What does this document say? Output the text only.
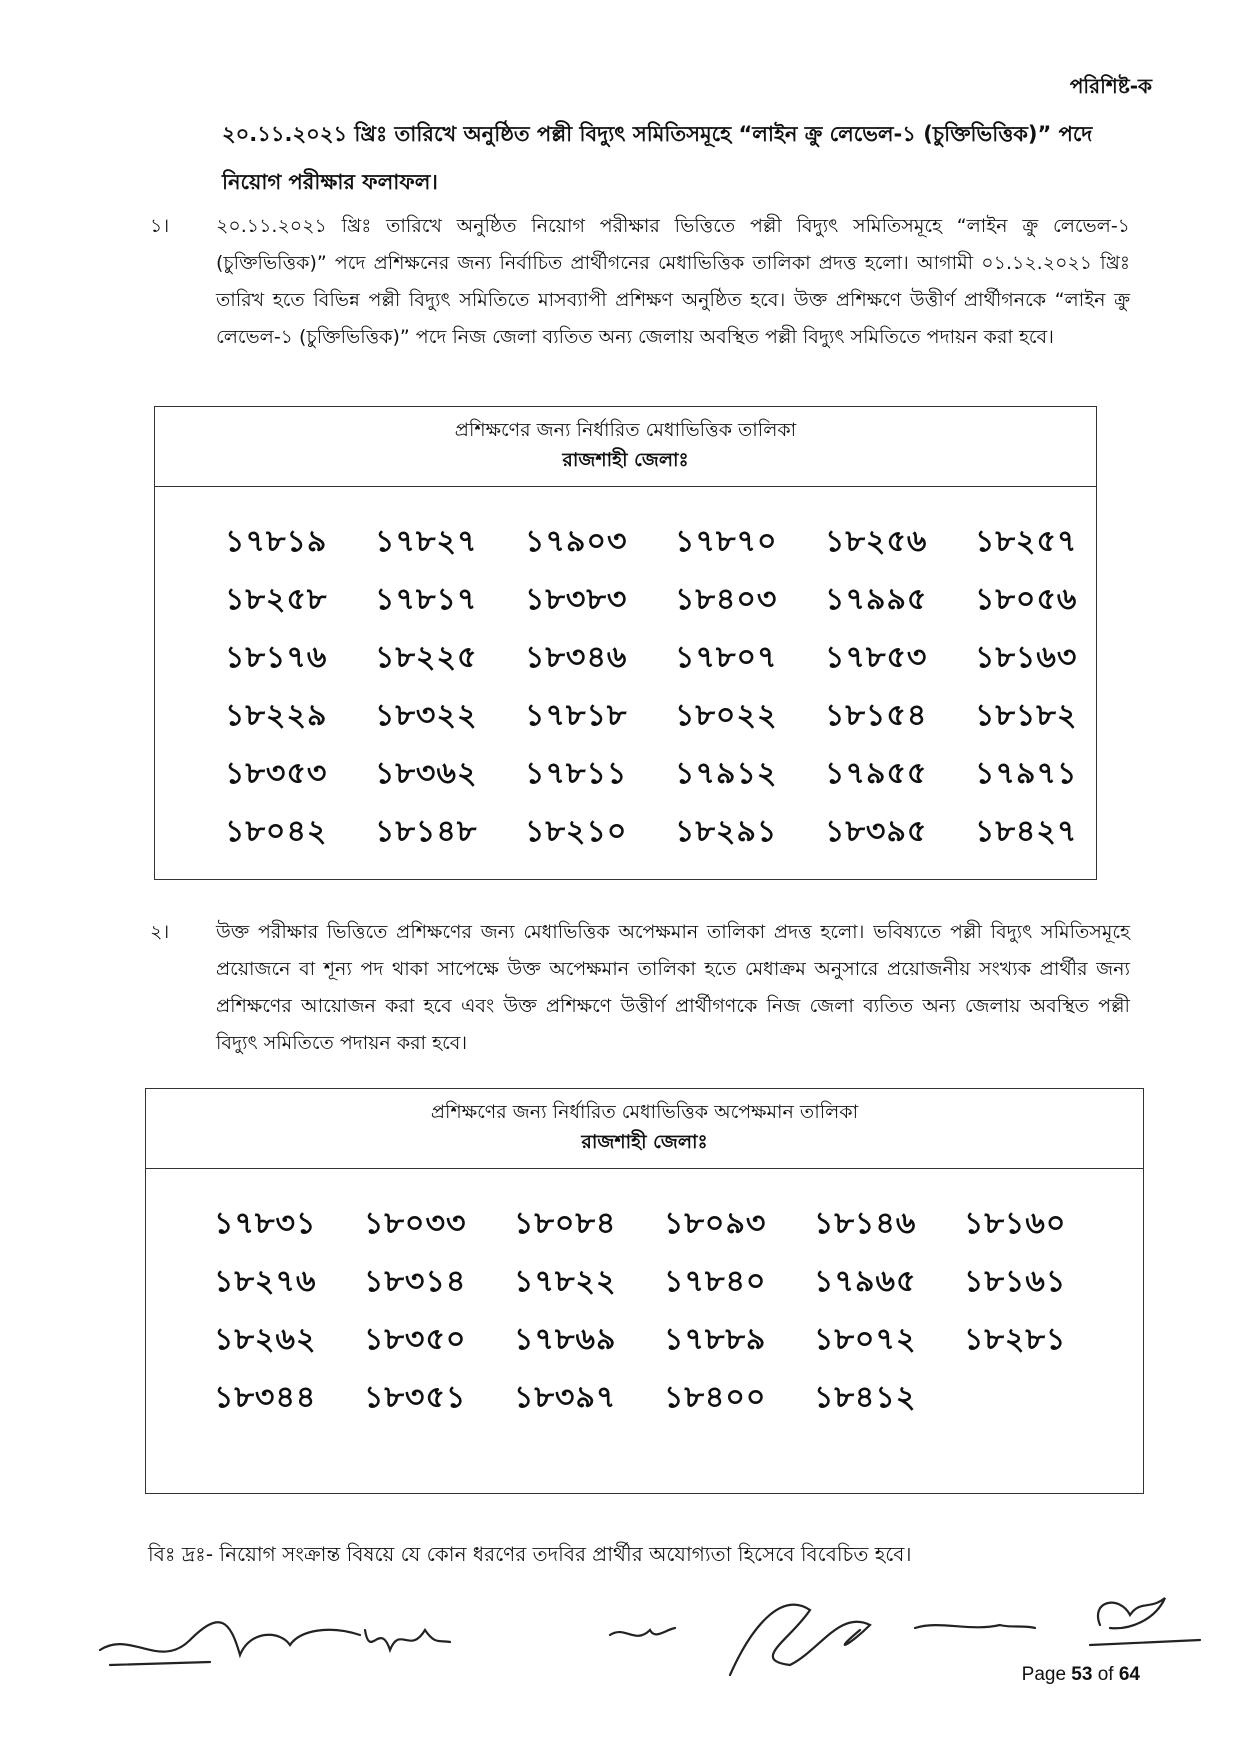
পরিশিষ্ট-ক
২০.১১.২০২১ খ্রিঃ তারিখে অনুষ্ঠিত পল্লী বিদ্যুৎ সমিতিসমূহে “লাইন ক্রু লেভেল-১ (চুক্তিভিত্তিক)” পদে নিয়োগ পরীক্ষার ফলাফল।
১।	২০.১১.২০২১ খ্রিঃ তারিখে অনুষ্ঠিত নিয়োগ পরীক্ষার ভিত্তিতে পল্লী বিদ্যুৎ সমিতিসমূহে “লাইন ক্রু লেভেল-১ (চুক্তিভিত্তিক)” পদে প্রশিক্ষনের জন্য নির্বাচিত প্রার্থীগনের মেধাভিত্তিক তালিকা প্রদত্ত হলো। আগামী ০১.১২.২০২১ খ্রিঃ তারিখ হতে বিভিন্ন পল্লী বিদ্যুৎ সমিতিতে মাসব্যাপী প্রশিক্ষণ অনুষ্ঠিত হবে। উক্ত প্রশিক্ষণে উত্তীর্ণ প্রার্থীগনকে “লাইন ক্রু লেভেল-১ (চুক্তিভিত্তিক)” পদে নিজ জেলা ব্যতিত অন্য জেলায় অবস্থিত পল্লী বিদ্যুৎ সমিতিতে পদায়ন করা হবে।
প্রশিক্ষণের জন্য নির্ধারিত মেধাভিত্তিক তালিকা
রাজশাহী জেলাঃ
১৭৮১৯	১৭৮২৭	১৭৯০৩	১৭৮৭০	১৮২৫৬	১৮২৫৭
১৮২৫৮	১৭৮১৭	১৮৩৮৩	১৮৪০৩	১৭৯৯৫	১৮০৫৬
১৮১৭৬	১৮২২৫	১৮৩৪৬	১৭৮০৭	১৭৮৫৩	১৮১৬৩
১৮২২৯	১৮৩২২	১৭৮১৮	১৮০২২	১৮১৫৪	১৮১৮২
১৮৩৫৩	১৮৩৬২	১৭৮১১	১৭৯১২	১৭৯৫৫	১৭৯৭১
১৮০৪২	১৮১৪৮	১৮২১০	১৮২৯১	১৮৩৯৫	১৮৪২৭
২।	উক্ত পরীক্ষার ভিত্তিতে প্রশিক্ষণের জন্য মেধাভিত্তিক অপেক্ষমান তালিকা প্রদত্ত হলো। ভবিষ্যতে পল্লী বিদ্যুৎ সমিতিসমূহে প্রয়োজনে বা শূন্য পদ থাকা সাপেক্ষে উক্ত অপেক্ষমান তালিকা হতে মেধাক্রম অনুসারে প্রয়োজনীয় সংখ্যক প্রার্থীর জন্য প্রশিক্ষণের আয়োজন করা হবে এবং উক্ত প্রশিক্ষণে উত্তীর্ণ প্রার্থীগণকে নিজ জেলা ব্যতিত অন্য জেলায় অবস্থিত পল্লী বিদ্যুৎ সমিতিতে পদায়ন করা হবে।
প্রশিক্ষণের জন্য নির্ধারিত মেধাভিত্তিক অপেক্ষমান তালিকা
রাজশাহী জেলাঃ
১৭৮৩১	১৮০৩৩	১৮০৮৪	১৮০৯৩	১৮১৪৬	১৮১৬০
১৮২৭৬	১৮৩১৪	১৭৮২২	১৭৮৪০	১৭৯৬৫	১৮১৬১
১৮২৬২	১৮৩৫০	১৭৮৬৯	১৭৮৮৯	১৮০৭২	১৮২৮১
১৮৩৪৪	১৮৩৫১	১৮৩৯৭	১৮৪০০	১৮৪১২
বিঃ দ্রঃ- নিয়োগ সংক্রান্ত বিষয়ে যে কোন ধরণের তদবির প্রার্থীর অযোগ্যতা হিসেবে বিবেচিত হবে।
Page 53 of 64
